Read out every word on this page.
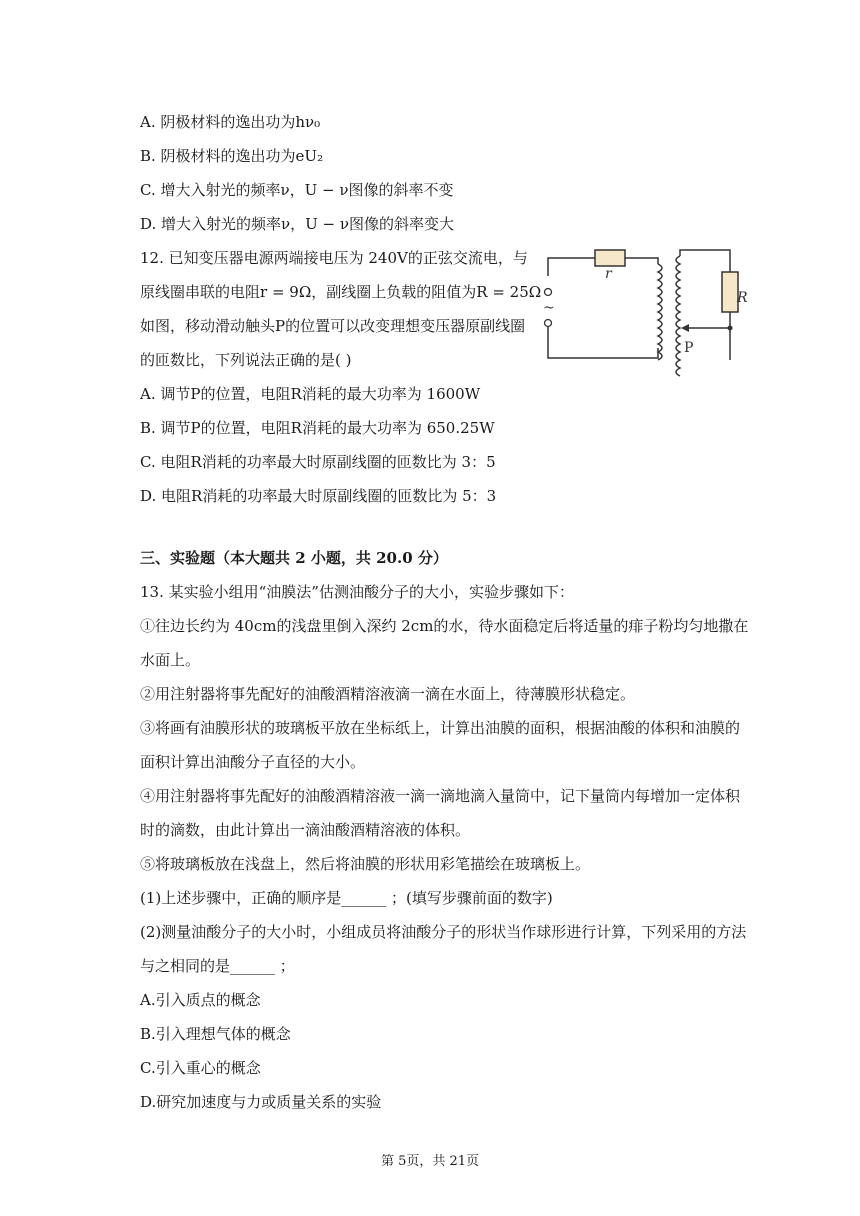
A. 阴极材料的逸出功为hν₀
B. 阴极材料的逸出功为eU₂
C. 增大入射光的频率ν，U − ν图像的斜率不变
D. 增大入射光的频率ν，U − ν图像的斜率变大
12. 已知变压器电源两端接电压为 240V的正弦交流电，与
原线圈串联的电阻r = 9Ω，副线圈上负载的阻值为R = 25Ω
如图，移动滑动触头P的位置可以改变理想变压器原副线圈
的匝数比，下列说法正确的是( )
A. 调节P的位置，电阻R消耗的最大功率为 1600W
B. 调节P的位置，电阻R消耗的最大功率为 650.25W
C. 电阻R消耗的功率最大时原副线圈的匝数比为 3：5
D. 电阻R消耗的功率最大时原副线圈的匝数比为 5：3
~
r
R
P
三、实验题（本大题共 2 小题，共 20.0 分）
13. 某实验小组用“油膜法”估测油酸分子的大小，实验步骤如下：
①往边长约为 40cm的浅盘里倒入深约 2cm的水，待水面稳定后将适量的痱子粉均匀地撒在
水面上。
②用注射器将事先配好的油酸酒精溶液滴一滴在水面上，待薄膜形状稳定。
③将画有油膜形状的玻璃板平放在坐标纸上，计算出油膜的面积，根据油酸的体积和油膜的
面积计算出油酸分子直径的大小。
④用注射器将事先配好的油酸酒精溶液一滴一滴地滴入量筒中，记下量筒内每增加一定体积
时的滴数，由此计算出一滴油酸酒精溶液的体积。
⑤将玻璃板放在浅盘上，然后将油膜的形状用彩笔描绘在玻璃板上。
(1)上述步骤中，正确的顺序是______ ；(填写步骤前面的数字)
(2)测量油酸分子的大小时，小组成员将油酸分子的形状当作球形进行计算，下列采用的方法
与之相同的是______ ；
A.引入质点的概念
B.引入理想气体的概念
C.引入重心的概念
D.研究加速度与力或质量关系的实验
第 5页，共 21页
